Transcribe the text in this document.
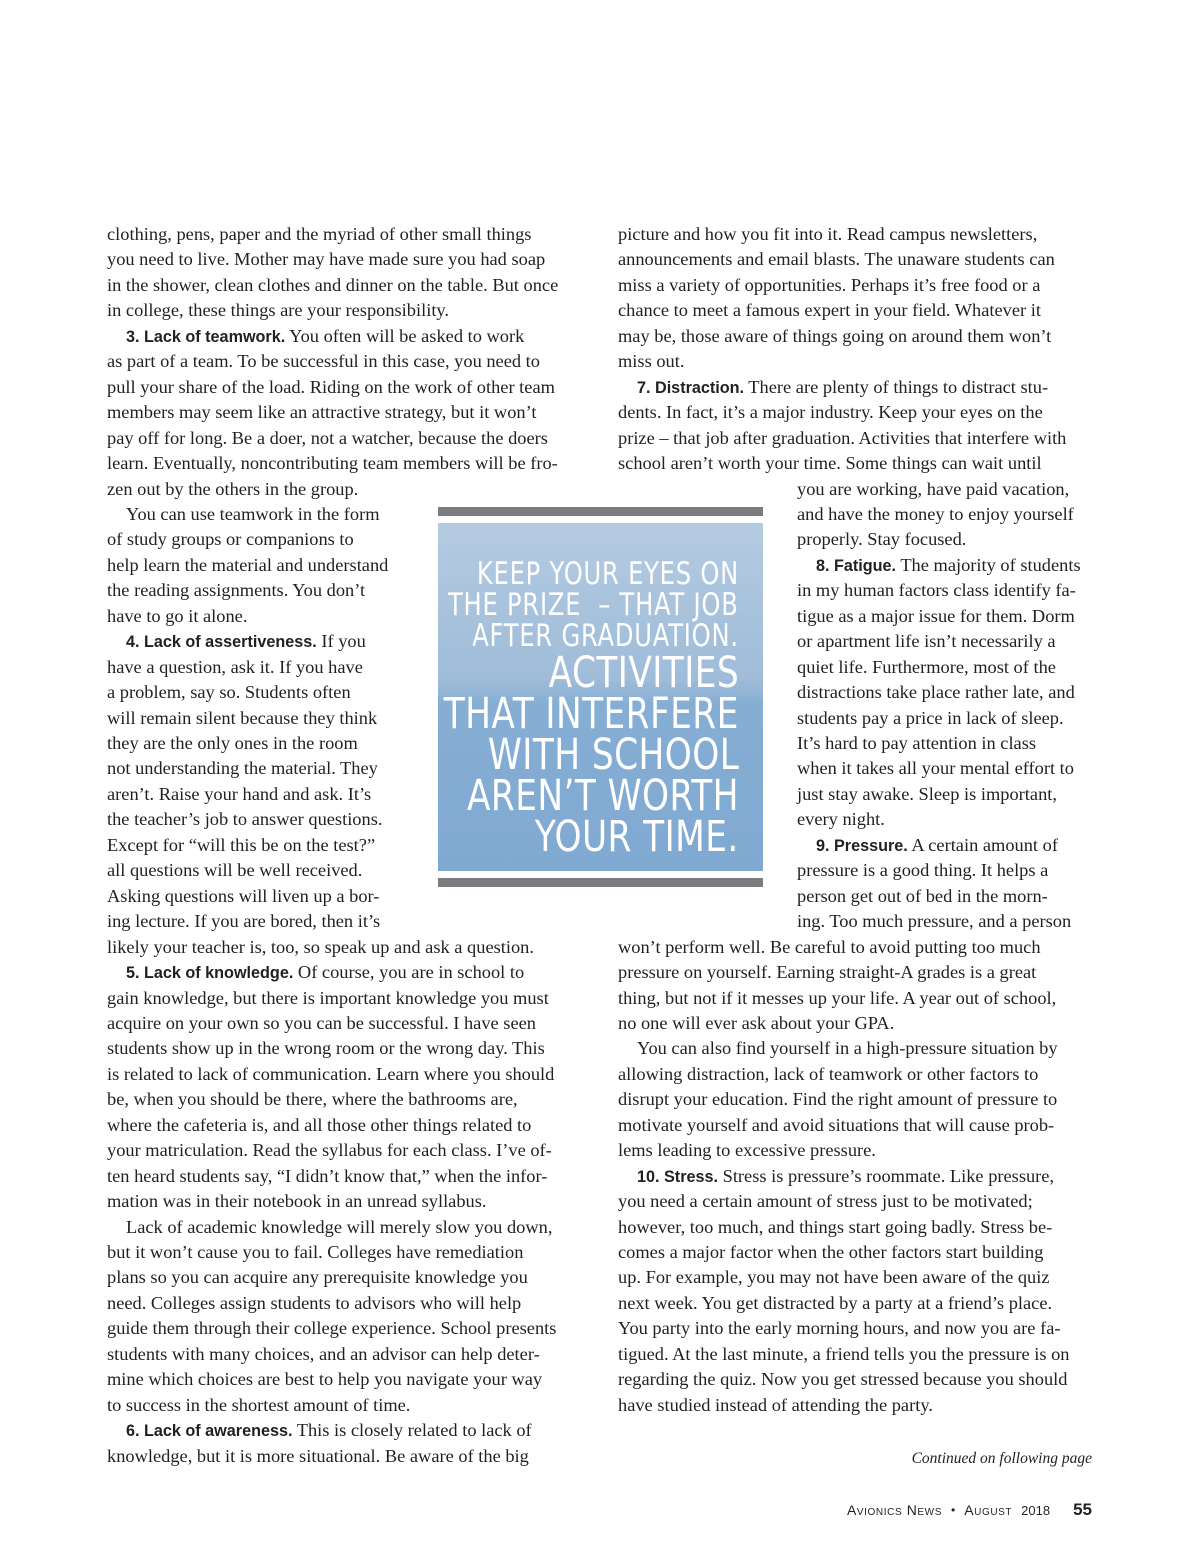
clothing, pens, paper and the myriad of other small things
you need to live. Mother may have made sure you had soap
in the shower, clean clothes and dinner on the table. But once
in college, these things are your responsibility.
3. Lack of teamwork. You often will be asked to work
as part of a team. To be successful in this case, you need to
pull your share of the load. Riding on the work of other team
members may seem like an attractive strategy, but it won’t
pay off for long. Be a doer, not a watcher, because the doers
learn. Eventually, noncontributing team members will be fro-
zen out by the others in the group.
You can use teamwork in the form
of study groups or companions to
help learn the material and understand
the reading assignments. You don’t
have to go it alone.
4. Lack of assertiveness. If you
have a question, ask it. If you have
a problem, say so. Students often
will remain silent because they think
they are the only ones in the room
not understanding the material. They
aren’t. Raise your hand and ask. It’s
the teacher’s job to answer questions.
Except for “will this be on the test?”
all questions will be well received.
Asking questions will liven up a bor-
ing lecture. If you are bored, then it’s
likely your teacher is, too, so speak up and ask a question.
5. Lack of knowledge. Of course, you are in school to
gain knowledge, but there is important knowledge you must
acquire on your own so you can be successful. I have seen
students show up in the wrong room or the wrong day. This
is related to lack of communication. Learn where you should
be, when you should be there, where the bathrooms are,
where the cafeteria is, and all those other things related to
your matriculation. Read the syllabus for each class. I’ve of-
ten heard students say, “I didn’t know that,” when the infor-
mation was in their notebook in an unread syllabus.
Lack of academic knowledge will merely slow you down,
but it won’t cause you to fail. Colleges have remediation
plans so you can acquire any prerequisite knowledge you
need. Colleges assign students to advisors who will help
guide them through their college experience. School presents
students with many choices, and an advisor can help deter-
mine which choices are best to help you navigate your way
to success in the shortest amount of time.
6. Lack of awareness. This is closely related to lack of
knowledge, but it is more situational. Be aware of the big
picture and how you fit into it. Read campus newsletters,
announcements and email blasts. The unaware students can
miss a variety of opportunities. Perhaps it’s free food or a
chance to meet a famous expert in your field. Whatever it
may be, those aware of things going on around them won’t
miss out.
7. Distraction. There are plenty of things to distract stu-
dents. In fact, it’s a major industry. Keep your eyes on the
prize – that job after graduation. Activities that interfere with
school aren’t worth your time. Some things can wait until
you are working, have paid vacation,
and have the money to enjoy yourself
properly. Stay focused.
8. Fatigue. The majority of students
in my human factors class identify fa-
tigue as a major issue for them. Dorm
or apartment life isn’t necessarily a
quiet life. Furthermore, most of the
distractions take place rather late, and
students pay a price in lack of sleep.
It’s hard to pay attention in class
when it takes all your mental effort to
just stay awake. Sleep is important,
every night.
9. Pressure. A certain amount of
pressure is a good thing. It helps a
person get out of bed in the morn-
ing. Too much pressure, and a person
won’t perform well. Be careful to avoid putting too much
pressure on yourself. Earning straight-A grades is a great
thing, but not if it messes up your life. A year out of school,
no one will ever ask about your GPA.
You can also find yourself in a high-pressure situation by
allowing distraction, lack of teamwork or other factors to
disrupt your education. Find the right amount of pressure to
motivate yourself and avoid situations that will cause prob-
lems leading to excessive pressure.
10. Stress. Stress is pressure’s roommate. Like pressure,
you need a certain amount of stress just to be motivated;
however, too much, and things start going badly. Stress be-
comes a major factor when the other factors start building
up. For example, you may not have been aware of the quiz
next week. You get distracted by a party at a friend’s place.
You party into the early morning hours, and now you are fa-
tigued. At the last minute, a friend tells you the pressure is on
regarding the quiz. Now you get stressed because you should
have studied instead of attending the party.
KEEP YOUR EYES ON
THE PRIZE  – THAT JOB
AFTER GRADUATION.
ACTIVITIES
THAT INTERFERE
WITH SCHOOL
AREN’T WORTH
YOUR TIME.
Continued on following page
Avionics News • August 2018 55
